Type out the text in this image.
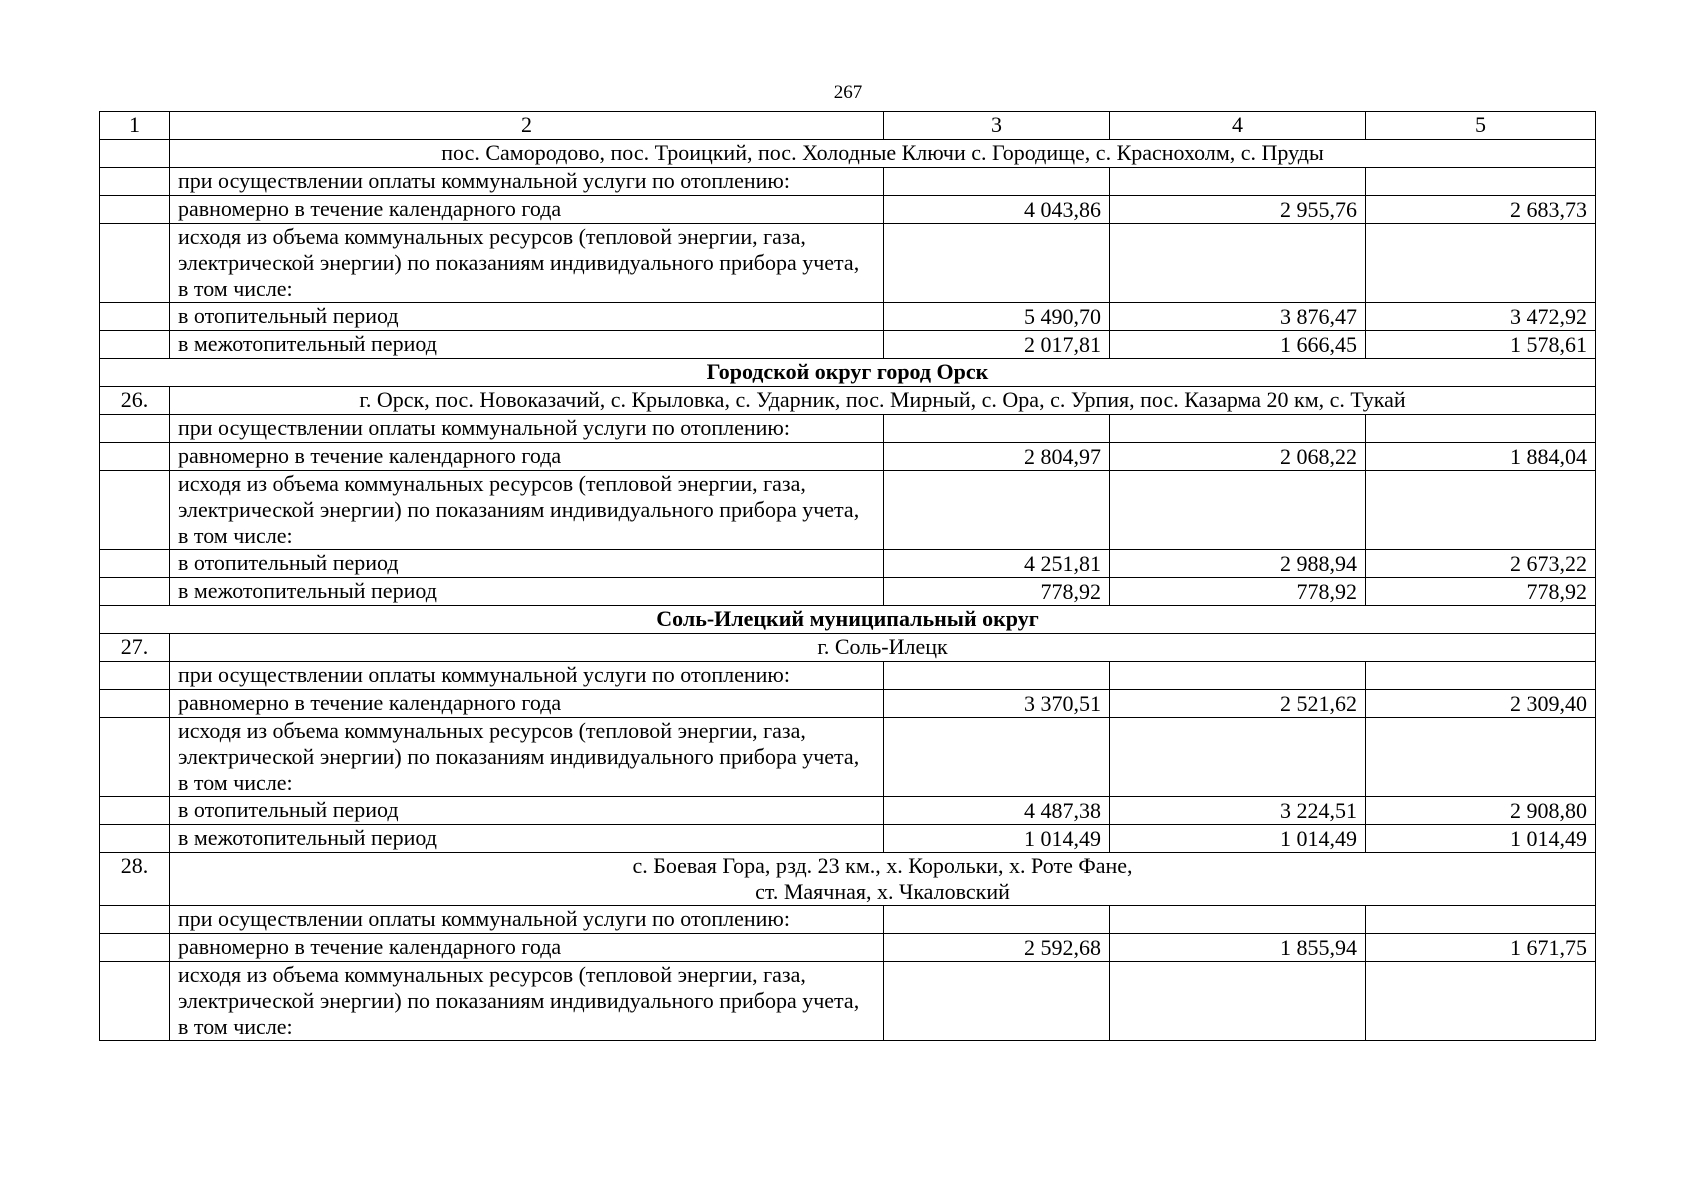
267
1	2	3	4	5
	пос. Самородово, пос. Троицкий, пос. Холодные Ключи с. Городище, с. Краснохолм, с. Пруды			
	при осуществлении оплаты коммунальной услуги по отоплению:			
	равномерно в течение календарного года	4 043,86	2 955,76	2 683,73
	исходя из объема коммунальных ресурсов (тепловой энергии, газа, электрической энергии) по показаниям индивидуального прибора учета, в том числе:			
	в отопительный период	5 490,70	3 876,47	3 472,92
	в межотопительный период	2 017,81	1 666,45	1 578,61
Городской округ город Орск				
26.	г. Орск, пос. Новоказачий, с. Крыловка, с. Ударник, пос. Мирный, с. Ора, с. Урпия, пос. Казарма 20 км, с. Тукай			
	при осуществлении оплаты коммунальной услуги по отоплению:			
	равномерно в течение календарного года	2 804,97	2 068,22	1 884,04
	исходя из объема коммунальных ресурсов (тепловой энергии, газа, электрической энергии) по показаниям индивидуального прибора учета, в том числе:			
	в отопительный период	4 251,81	2 988,94	2 673,22
	в межотопительный период	778,92	778,92	778,92
Соль-Илецкий муниципальный округ				
27.	г. Соль-Илецк			
	при осуществлении оплаты коммунальной услуги по отоплению:			
	равномерно в течение календарного года	3 370,51	2 521,62	2 309,40
	исходя из объема коммунальных ресурсов (тепловой энергии, газа, электрической энергии) по показаниям индивидуального прибора учета, в том числе:			
	в отопительный период	4 487,38	3 224,51	2 908,80
	в межотопительный период	1 014,49	1 014,49	1 014,49
28.	с. Боевая Гора, рзд. 23 км., х. Корольки, х. Роте Фане,
ст. Маячная, х. Чкаловский			

	при осуществлении оплаты коммунальной услуги по отоплению:			
	равномерно в течение календарного года	2 592,68	1 855,94	1 671,75
	исходя из объема коммунальных ресурсов (тепловой энергии, газа, электрической энергии) по показаниям индивидуального прибора учета, в том числе:			
